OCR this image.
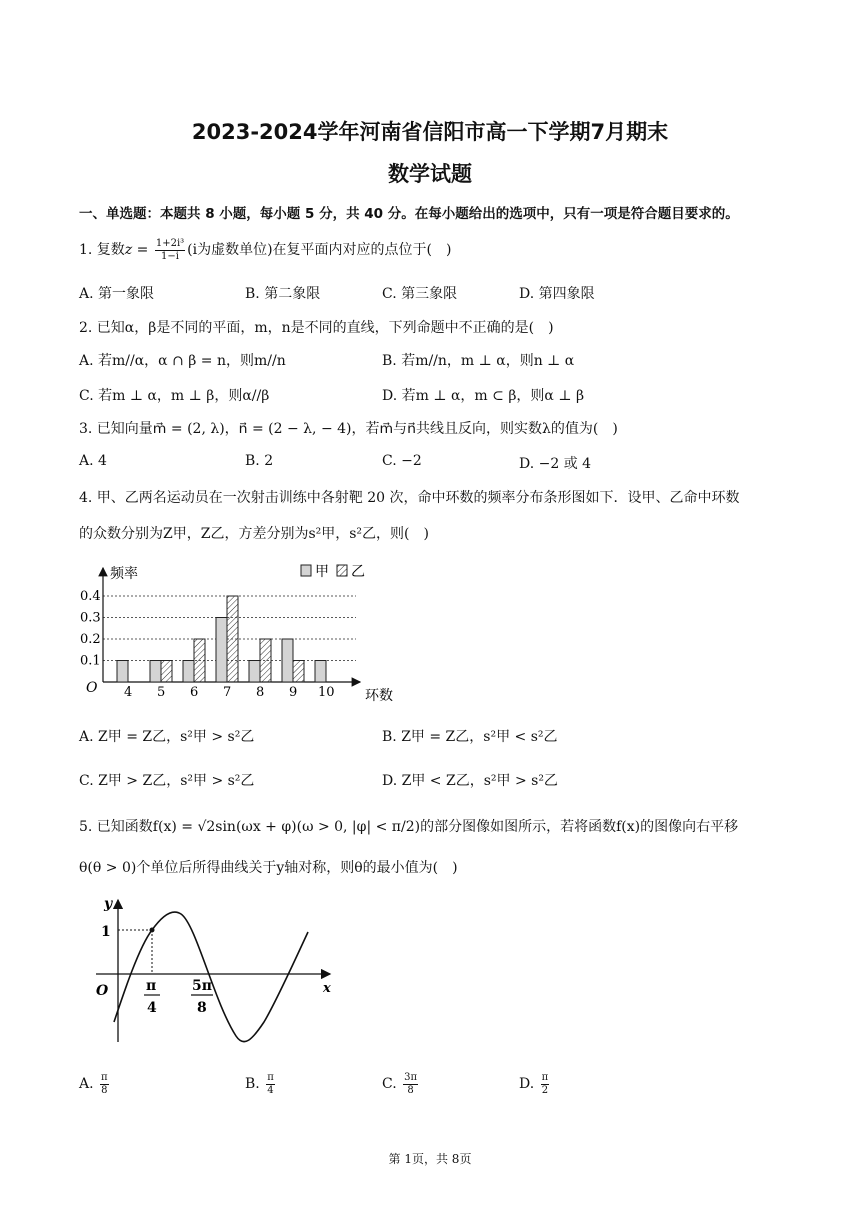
2023-2024学年河南省信阳市高一下学期7月期末
数学试题
一、单选题：本题共 8 小题，每小题 5 分，共 40 分。在每小题给出的选项中，只有一项是符合题目要求的。
1. 复数$z = \frac{\text{1+2i³}}{1-i} (i$为虚数单位)在复平面内对应的点位于(　)
A. 第一象限	B. 第二象限	C. 第三象限	D. 第四象限
2. 已知α，β是不同的平面，m，n是不同的直线，下列命题中不正确的是(　)
A. 若m//α，α ∩ β = n，则m//n	B. 若m//n，m ⊥ α，则n ⊥ α
C. 若m ⊥ α，m ⊥ β，则α//β	D. 若m ⊥ α，m ⊂ β，则α ⊥ β
3. 已知向量m⃗ = (2, λ)，n⃗ = (2 − λ, − 4)，若m⃗与n⃗共线且反向，则实数λ的值为(　)
A. 4	B. 2	C. −2	D. −2 或 4
4. 甲、乙两名运动员在一次射击训练中各射靶 20 次，命中环数的频率分布条形图如下．设甲、乙命中环数
的众数分别为Z甲，Z乙，方差分别为s²甲，s²乙，则(　)
0.1
0.2
0.3
0.4
O
频率
环数
4 5 6 7 8 9 10
甲 乙
A. Z甲 = Z乙，s²甲 > s²乙	B. Z甲 = Z乙，s²甲 < s²乙
C. Z甲 > Z乙，s²甲 > s²乙	D. Z甲 < Z乙，s²甲 > s²乙
5. 已知函数f(x) = √2sin(ωx + φ)(ω > 0, |φ| < π/2)的部分图像如图所示，若将函数f(x)的图像向右平移
θ(θ > 0)个单位后所得曲线关于y轴对称，则θ的最小值为(　)
y
x
O
1
π
4
5π
8
A. $\frac{\pi}{8}$	B. $\frac{\pi}{4}$	C. $\frac{3\pi}{8}$	D. $\frac{\pi}{2}$
第 1页，共 8页
